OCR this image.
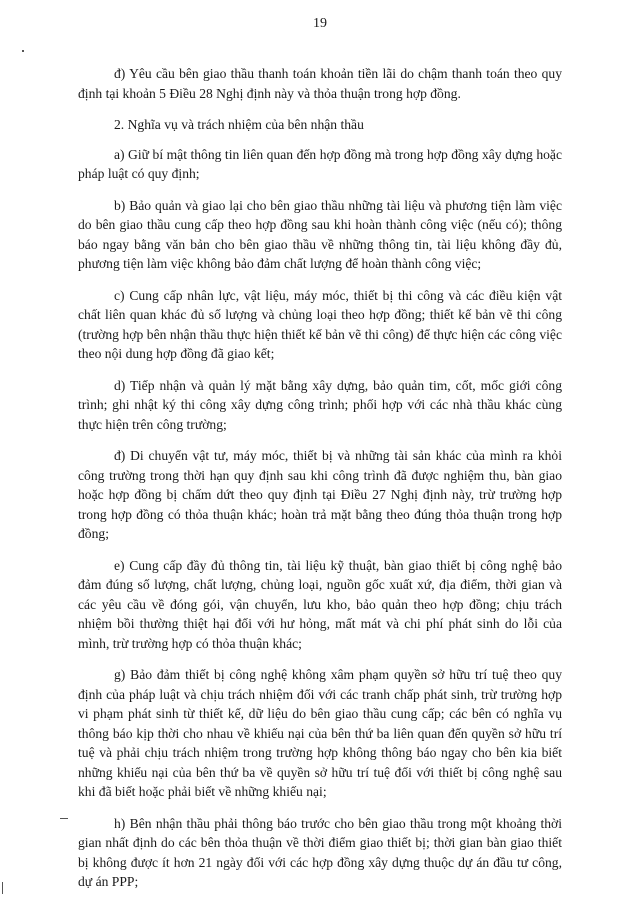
19

đ) Yêu cầu bên giao thầu thanh toán khoản tiền lãi do chậm thanh toán theo quy định tại khoản 5 Điều 28 Nghị định này và thỏa thuận trong hợp đồng.

2. Nghĩa vụ và trách nhiệm của bên nhận thầu

a) Giữ bí mật thông tin liên quan đến hợp đồng mà trong hợp đồng xây dựng hoặc pháp luật có quy định;

b) Bảo quản và giao lại cho bên giao thầu những tài liệu và phương tiện làm việc do bên giao thầu cung cấp theo hợp đồng sau khi hoàn thành công việc (nếu có); thông báo ngay bằng văn bản cho bên giao thầu về những thông tin, tài liệu không đầy đủ, phương tiện làm việc không bảo đảm chất lượng để hoàn thành công việc;

c) Cung cấp nhân lực, vật liệu, máy móc, thiết bị thi công và các điều kiện vật chất liên quan khác đủ số lượng và chủng loại theo hợp đồng; thiết kế bản vẽ thi công (trường hợp bên nhận thầu thực hiện thiết kế bản vẽ thi công) để thực hiện các công việc theo nội dung hợp đồng đã giao kết;

d) Tiếp nhận và quản lý mặt bằng xây dựng, bảo quản tim, cốt, mốc giới công trình; ghi nhật ký thi công xây dựng công trình; phối hợp với các nhà thầu khác cùng thực hiện trên công trường;

đ) Di chuyển vật tư, máy móc, thiết bị và những tài sản khác của mình ra khỏi công trường trong thời hạn quy định sau khi công trình đã được nghiệm thu, bàn giao hoặc hợp đồng bị chấm dứt theo quy định tại Điều 27 Nghị định này, trừ trường hợp trong hợp đồng có thỏa thuận khác; hoàn trả mặt bằng theo đúng thỏa thuận trong hợp đồng;

e) Cung cấp đầy đủ thông tin, tài liệu kỹ thuật, bàn giao thiết bị công nghệ bảo đảm đúng số lượng, chất lượng, chủng loại, nguồn gốc xuất xứ, địa điểm, thời gian và các yêu cầu về đóng gói, vận chuyển, lưu kho, bảo quản theo hợp đồng; chịu trách nhiệm bồi thường thiệt hại đối với hư hỏng, mất mát và chi phí phát sinh do lỗi của mình, trừ trường hợp có thỏa thuận khác;

g) Bảo đảm thiết bị công nghệ không xâm phạm quyền sở hữu trí tuệ theo quy định của pháp luật và chịu trách nhiệm đối với các tranh chấp phát sinh, trừ trường hợp vi phạm phát sinh từ thiết kế, dữ liệu do bên giao thầu cung cấp; các bên có nghĩa vụ thông báo kịp thời cho nhau về khiếu nại của bên thứ ba liên quan đến quyền sở hữu trí tuệ và phải chịu trách nhiệm trong trường hợp không thông báo ngay cho bên kia biết những khiếu nại của bên thứ ba về quyền sở hữu trí tuệ đối với thiết bị công nghệ sau khi đã biết hoặc phải biết về những khiếu nại;

h) Bên nhận thầu phải thông báo trước cho bên giao thầu trong một khoảng thời gian nhất định do các bên thỏa thuận về thời điểm giao thiết bị; thời gian bàn giao thiết bị không được ít hơn 21 ngày đối với các hợp đồng xây dựng thuộc dự án đầu tư công, dự án PPP;
